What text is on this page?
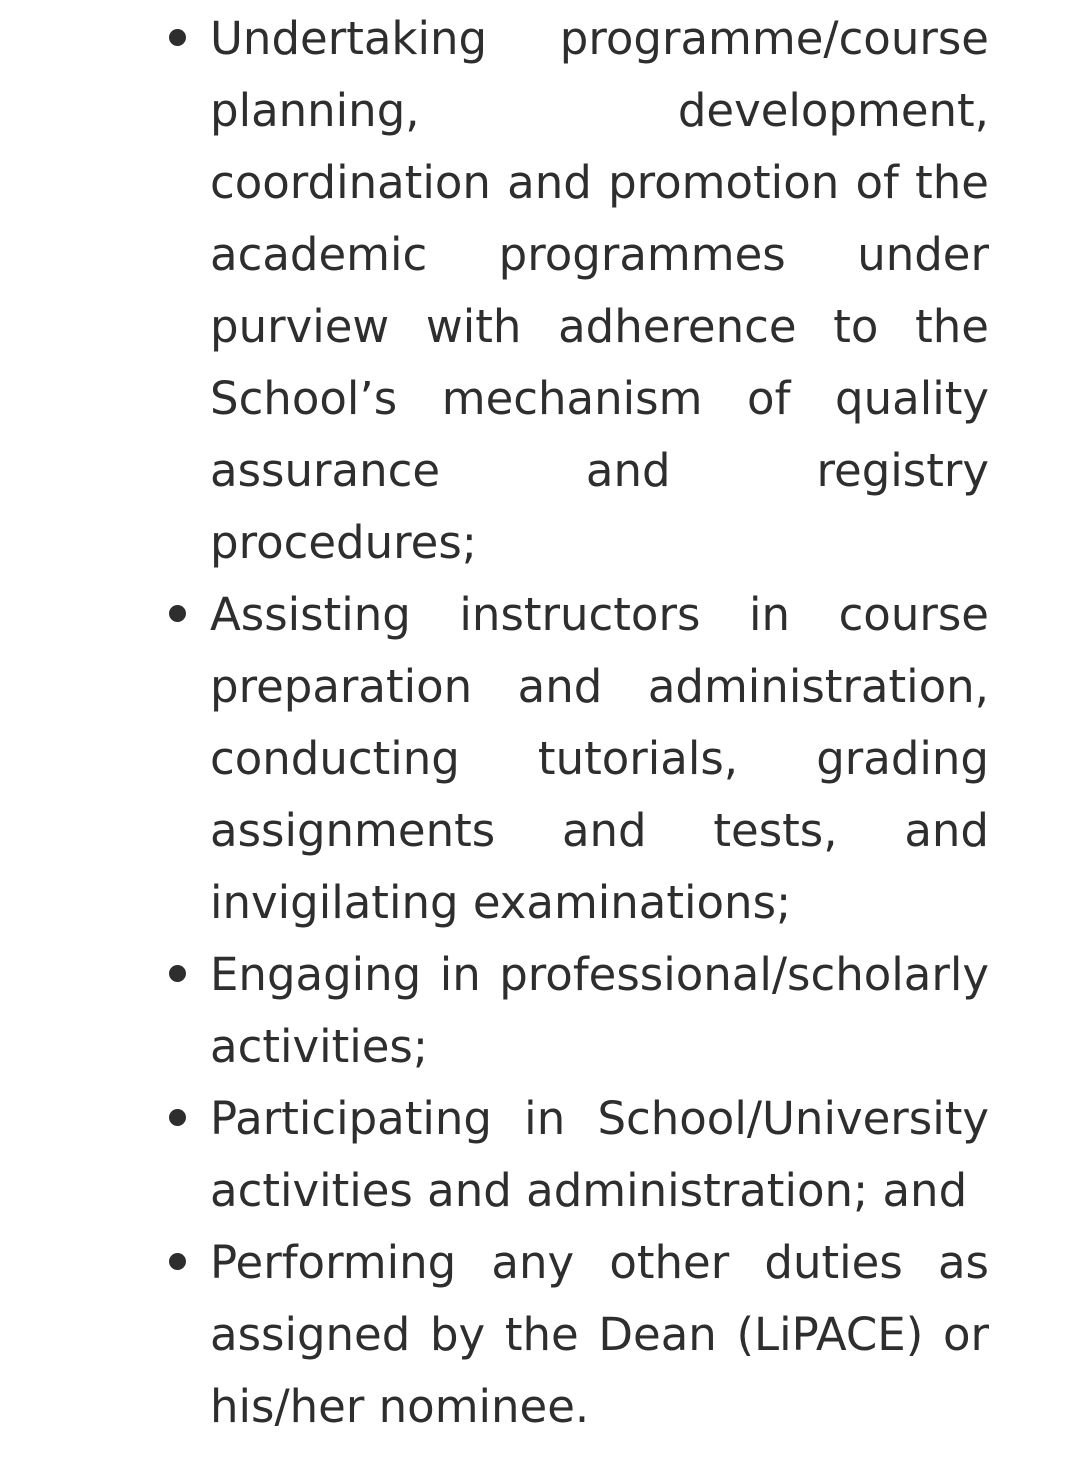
Undertaking programme/course planning, development, coordination and promotion of the academic programmes under purview with adherence to the School’s mechanism of quality assurance and registry procedures;
Assisting instructors in course preparation and administration, conducting tutorials, grading assignments and tests, and invigilating examinations;
Engaging in professional/scholarly activities;
Participating in School/University activities and administration; and
Performing any other duties as assigned by the Dean (LiPACE) or his/her nominee.
